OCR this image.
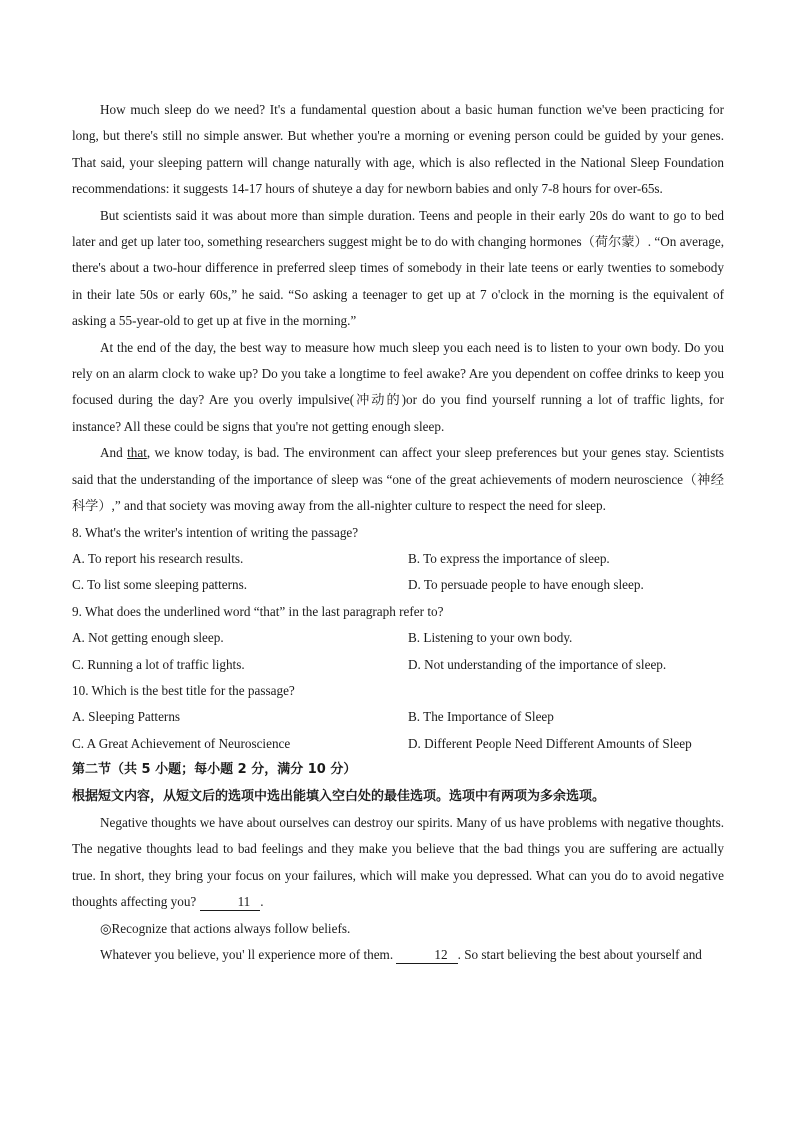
How much sleep do we need? It's a fundamental question about a basic human function we've been practicing for long, but there's still no simple answer. But whether you're a morning or evening person could be guided by your genes. That said, your sleeping pattern will change naturally with age, which is also reflected in the National Sleep Foundation recommendations: it suggests 14-17 hours of shuteye a day for newborn babies and only 7-8 hours for over-65s.

But scientists said it was about more than simple duration. Teens and people in their early 20s do want to go to bed later and get up later too, something researchers suggest might be to do with changing hormones（荷尔蒙）. “On average, there's about a two-hour difference in preferred sleep times of somebody in their late teens or early twenties to somebody in their late 50s or early 60s,” he said. “So asking a teenager to get up at 7 o'clock in the morning is the equivalent of asking a 55-year-old to get up at five in the morning.”

At the end of the day, the best way to measure how much sleep you each need is to listen to your own body. Do you rely on an alarm clock to wake up? Do you take a longtime to feel awake? Are you dependent on coffee drinks to keep you focused during the day? Are you overly impulsive(冲动的)or do you find yourself running a lot of traffic lights, for instance? All these could be signs that you're not getting enough sleep.

And that, we know today, is bad. The environment can affect your sleep preferences but your genes stay. Scientists said that the understanding of the importance of sleep was “one of the great achievements of modern neuroscience（神经科学）,” and that society was moving away from the all-nighter culture to respect the need for sleep.

8. What's the writer's intention of writing the passage?

A. To report his research results.	B. To express the importance of sleep.
C. To list some sleeping patterns.	D. To persuade people to have enough sleep.

9. What does the underlined word “that” in the last paragraph refer to?

A. Not getting enough sleep.	B. Listening to your own body.
C. Running a lot of traffic lights.	D. Not understanding of the importance of sleep.

10. Which is the best title for the passage?

A. Sleeping Patterns	B. The Importance of Sleep
C. A Great Achievement of Neuroscience	D. Different People Need Different Amounts of Sleep

第二节（共 5 小题；每小题 2 分，满分 10 分）

根据短文内容，从短文后的选项中选出能填入空白处的最佳选项。选项中有两项为多余选项。

Negative thoughts we have about ourselves can destroy our spirits. Many of us have problems with negative thoughts. The negative thoughts lead to bad feelings and they make you believe that the bad things you are suffering are actually true. In short, they bring your focus on your failures, which will make you depressed. What can you do to avoid negative thoughts affecting you?	11 .

◎Recognize that actions always follow beliefs.

Whatever you believe, you' ll experience more of them.	12 . So start believing the best about yourself and
